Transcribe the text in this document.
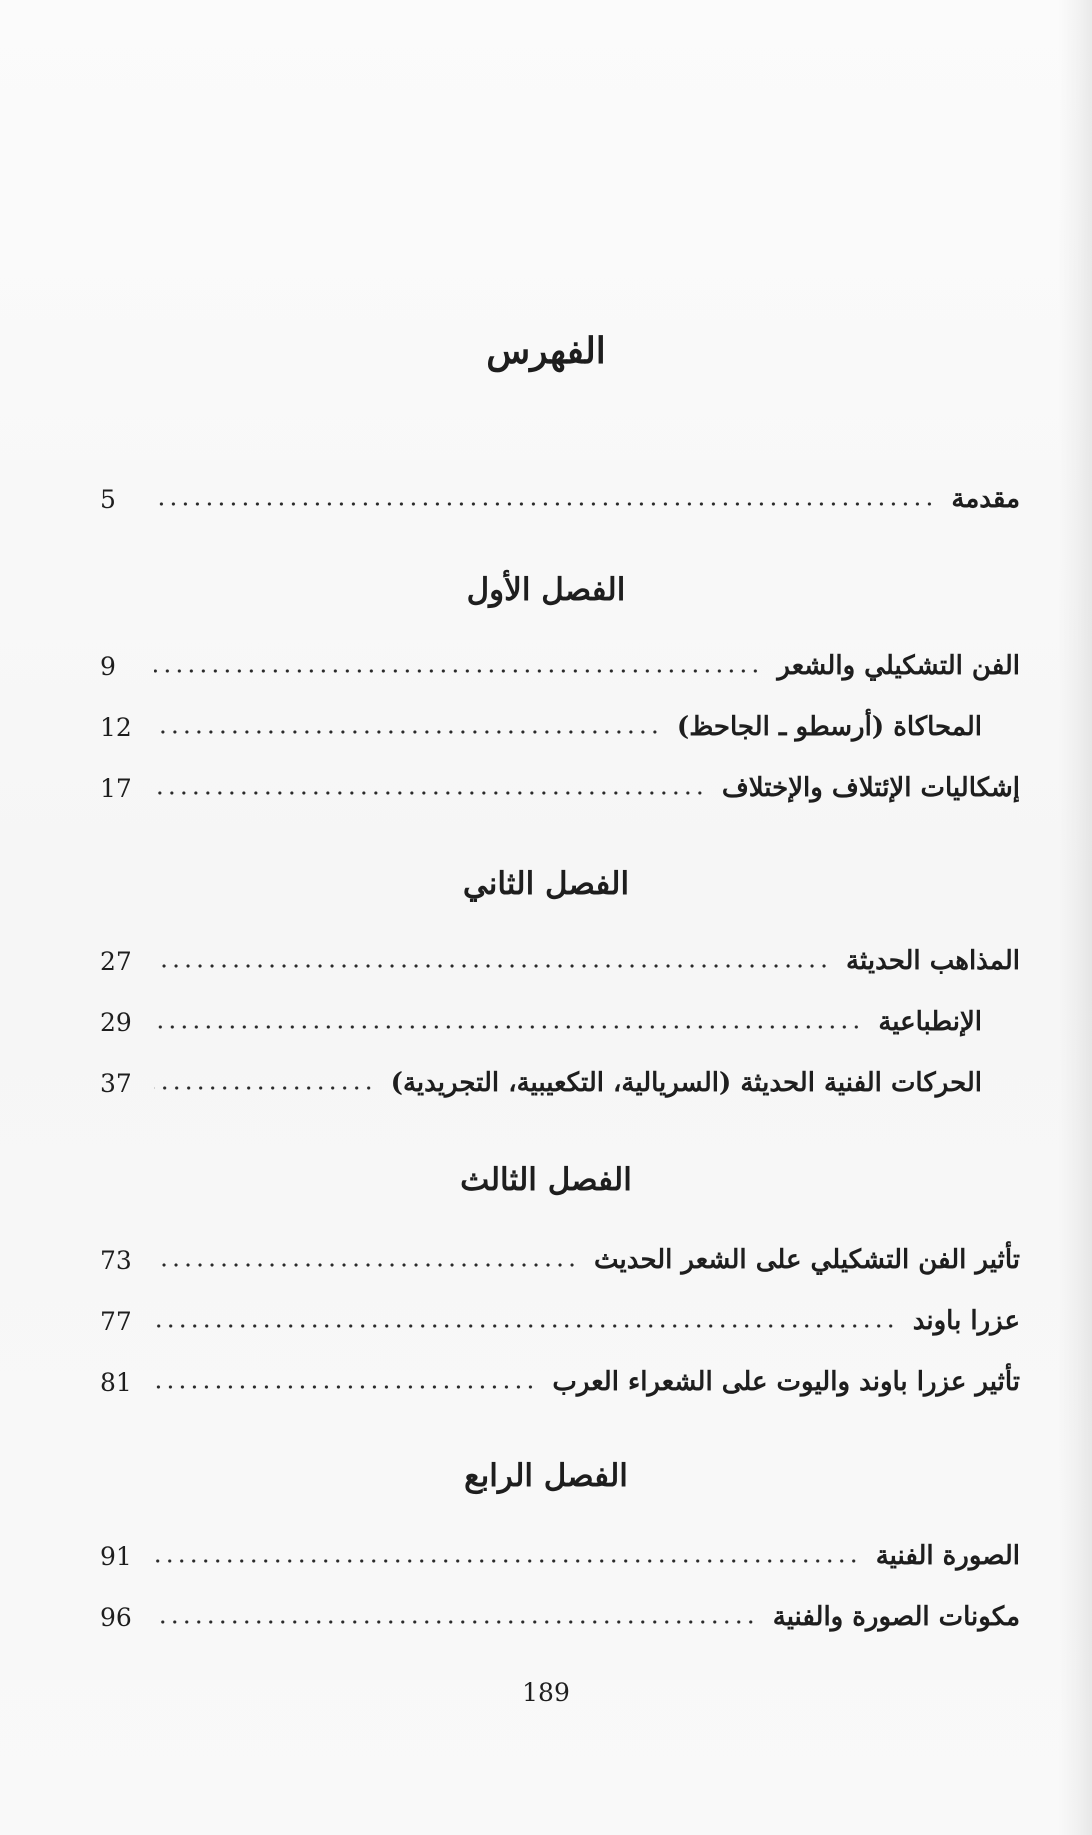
الفهرس
مقدمة
5
الفصل الأول
الفن التشكيلي والشعر
9
المحاكاة (أرسطو ـ الجاحظ)
12
إشكاليات الإئتلاف والإختلاف
17
الفصل الثاني
المذاهب الحديثة
27
الإنطباعية
29
الحركات الفنية الحديثة (السريالية، التكعيبية، التجريدية)
37
الفصل الثالث
تأثير الفن التشكيلي على الشعر الحديث
73
عزرا باوند
77
تأثير عزرا باوند واليوت على الشعراء العرب
81
الفصل الرابع
الصورة الفنية
91
مكونات الصورة والفنية
96
189
